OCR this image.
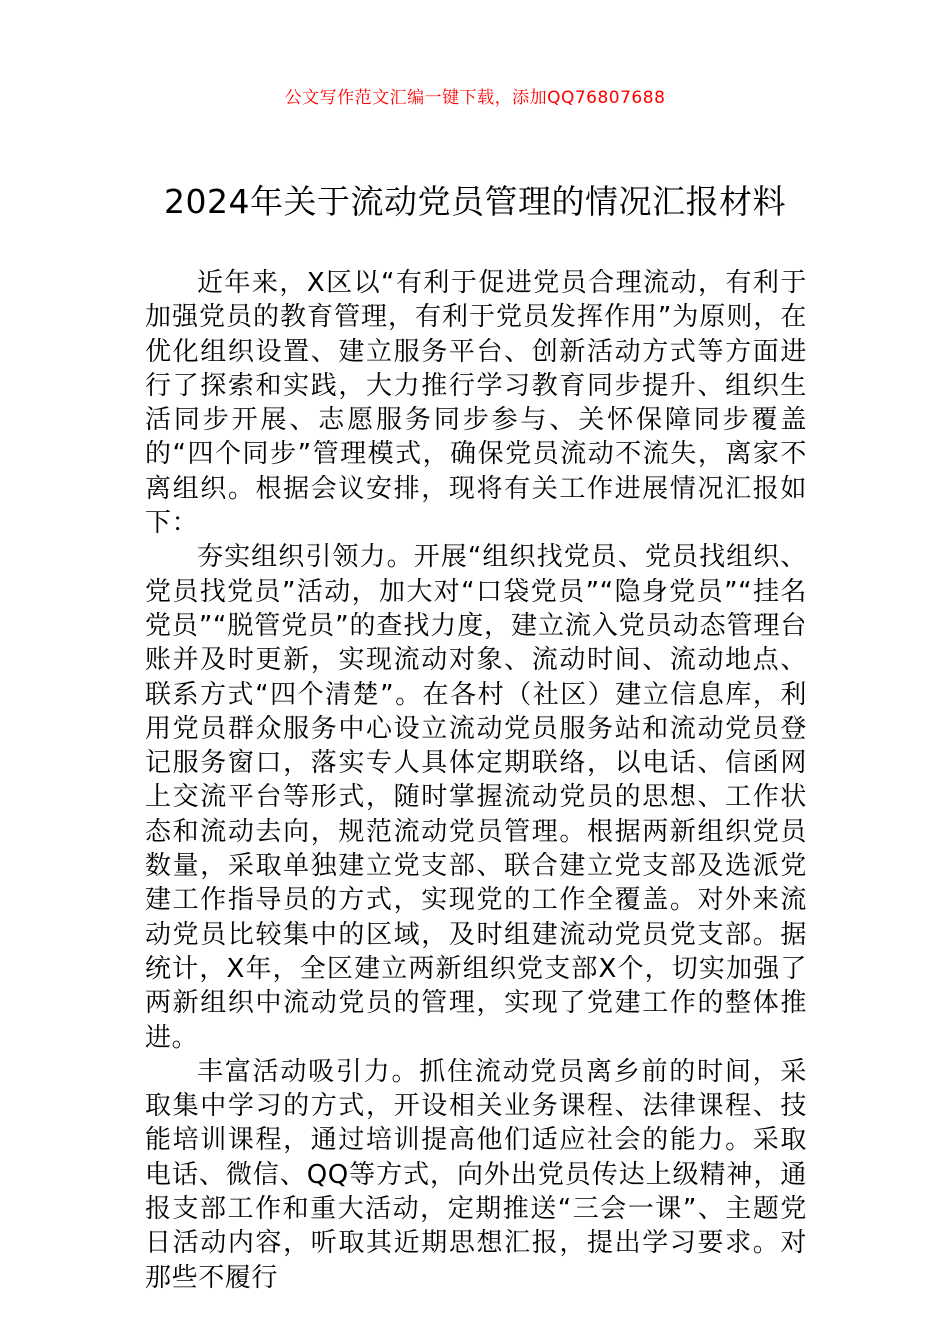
公文写作范文汇编一键下载，添加QQ76807688
2024年关于流动党员管理的情况汇报材料

近年来，X区以“有利于促进党员合理流动，有利于加强党员的教育管理，有利于党员发挥作用”为原则，在优化组织设置、建立服务平台、创新活动方式等方面进行了探索和实践，大力推行学习教育同步提升、组织生活同步开展、志愿服务同步参与、关怀保障同步覆盖的“四个同步”管理模式，确保党员流动不流失，离家不离组织。根据会议安排，现将有关工作进展情况汇报如下：

夯实组织引领力。开展“组织找党员、党员找组织、党员找党员”活动，加大对“口袋党员”“隐身党员”“挂名党员”“脱管党员”的查找力度，建立流入党员动态管理台账并及时更新，实现流动对象、流动时间、流动地点、联系方式“四个清楚”。在各村（社区）建立信息库，利用党员群众服务中心设立流动党员服务站和流动党员登记服务窗口，落实专人具体定期联络，以电话、信函网上交流平台等形式，随时掌握流动党员的思想、工作状态和流动去向，规范流动党员管理。根据两新组织党员数量，采取单独建立党支部、联合建立党支部及选派党建工作指导员的方式，实现党的工作全覆盖。对外来流动党员比较集中的区域，及时组建流动党员党支部。据统计，X年，全区建立两新组织党支部X个，切实加强了两新组织中流动党员的管理，实现了党建工作的整体推进。

丰富活动吸引力。抓住流动党员离乡前的时间，采取集中学习的方式，开设相关业务课程、法律课程、技能培训课程，通过培训提高他们适应社会的能力。采取电话、微信、QQ等方式，向外出党员传达上级精神，通报支部工作和重大活动，定期推送“三会一课”、主题党日活动内容，听取其近期思想汇报，提出学习要求。对那些不履行
